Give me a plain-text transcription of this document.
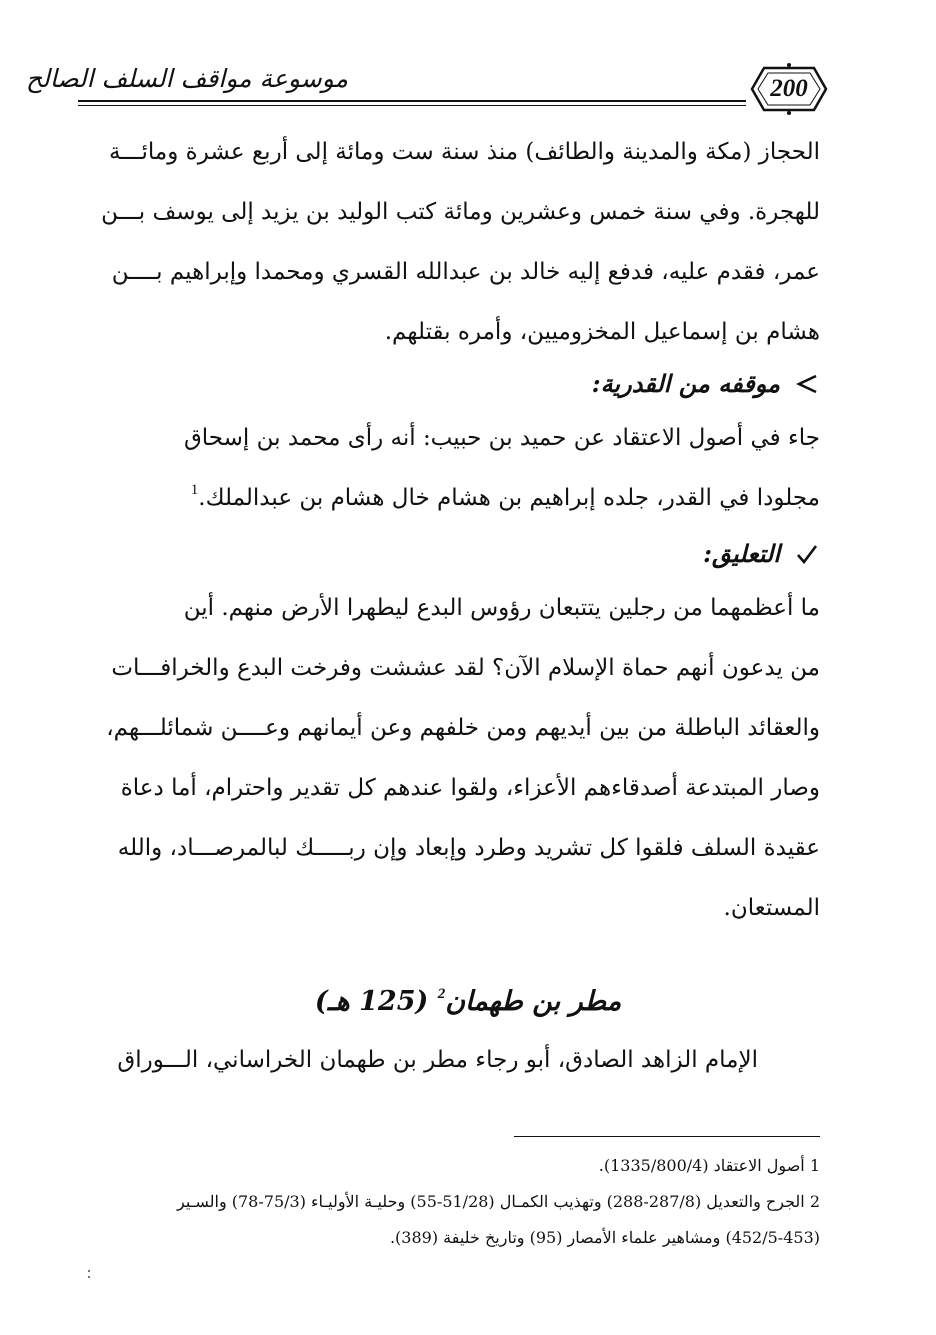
موسوعة مواقف السلف الصالح	200
الحجاز (مكة والمدينة والطائف) منذ سنة ست ومائة إلى أربع عشرة ومائـــة
للهجرة. وفي سنة خمس وعشرين ومائة كتب الوليد بن يزيد إلى يوسف بـــن
عمر، فقدم عليه، فدفع إليه خالد بن عبدالله القسري ومحمدا وإبراهيم بــــن
هشام بن إسماعيل المخزوميين، وأمره بقتلهم.
موقفه من القدرية:
جاء في أصول الاعتقاد عن حميد بن حبيب: أنه رأى محمد بن إسحاق
مجلودا في القدر، جلده إبراهيم بن هشام خال هشام بن عبدالملك.$^1$
التعليق:
ما أعظمهما من رجلين يتتبعان رؤوس البدع ليطهرا الأرض منهم. أين
من يدعون أنهم حماة الإسلام الآن؟ لقد عششت وفرخت البدع والخرافـــات
والعقائد الباطلة من بين أيديهم ومن خلفهم وعن أيمانهم وعــــن شمائلـــهم،
وصار المبتدعة أصدقاءهم الأعزاء، ولقوا عندهم كل تقدير واحترام، أما دعاة
عقيدة السلف فلقوا كل تشريد وطرد وإبعاد وإن ربـــــك لبالمرصـــاد، والله
المستعان.
مطر بن طهمان$^2$ (125 هـ)
الإمام الزاهد الصادق، أبو رجاء مطر بن طهمان الخراساني، الـــوراق
1 أصول الاعتقاد (1335/800/4).
2 الجرح والتعديل (287/8-288) وتهذيب الكمـال (51/28-55) وحليـة الأوليـاء (75/3-78) والسـير
(452/5-453) ومشاهير علماء الأمصار (95) وتاريخ خليفة (389).
